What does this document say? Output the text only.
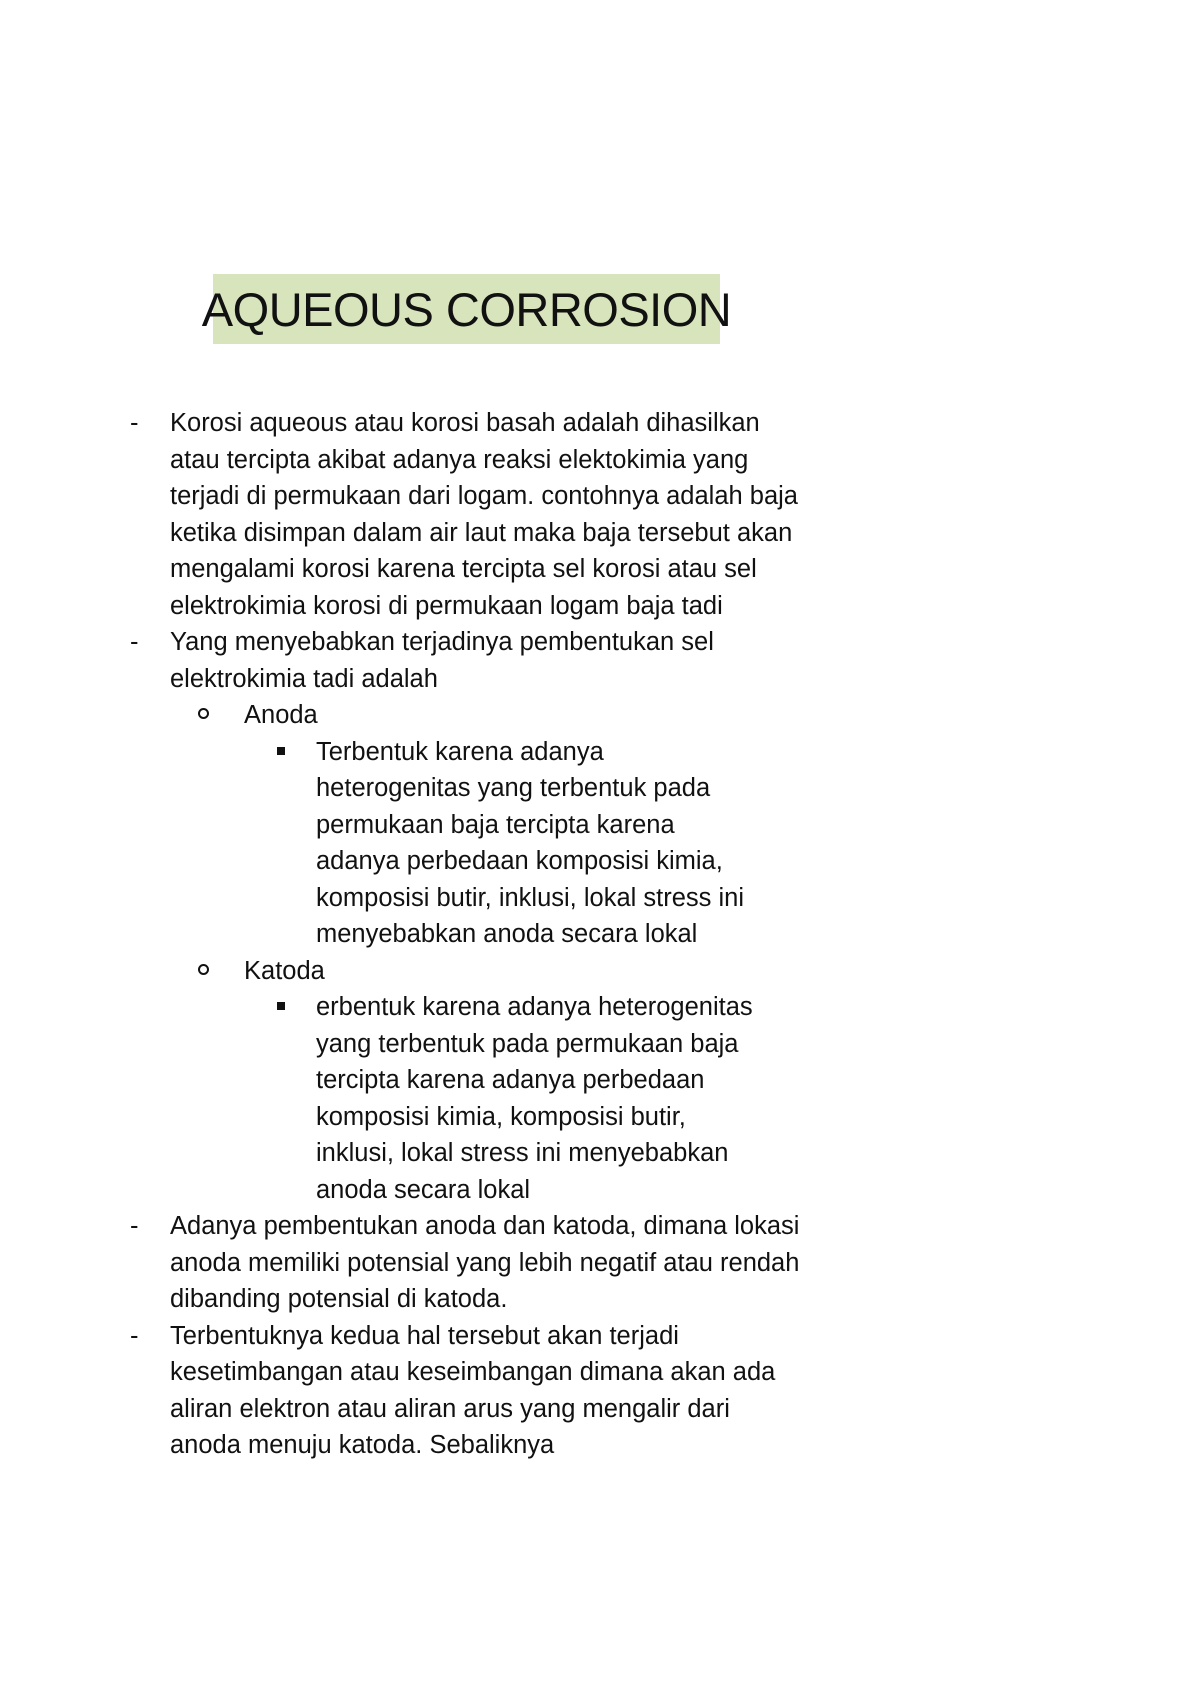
AQUEOUS CORROSION
- Korosi aqueous atau korosi basah adalah dihasilkan atau tercipta akibat adanya reaksi elektokimia yang terjadi di permukaan dari logam. contohnya adalah baja ketika disimpan dalam air laut maka baja tersebut akan mengalami korosi karena tercipta sel korosi atau sel elektrokimia korosi di permukaan logam baja tadi
- Yang menyebabkan terjadinya pembentukan sel elektrokimia tadi adalah
Anoda
Terbentuk karena adanya heterogenitas yang terbentuk pada permukaan baja tercipta karena adanya perbedaan komposisi kimia, komposisi butir, inklusi, lokal stress ini menyebabkan anoda secara lokal
Katoda
erbentuk karena adanya heterogenitas yang terbentuk pada permukaan baja tercipta karena adanya perbedaan komposisi kimia, komposisi butir, inklusi, lokal stress ini menyebabkan anoda secara lokal
- Adanya pembentukan anoda dan katoda, dimana lokasi anoda memiliki potensial yang lebih negatif atau rendah dibanding potensial di katoda.
- Terbentuknya kedua hal tersebut akan terjadi kesetimbangan atau keseimbangan dimana akan ada aliran elektron atau aliran arus yang mengalir dari anoda menuju katoda. Sebaliknya
